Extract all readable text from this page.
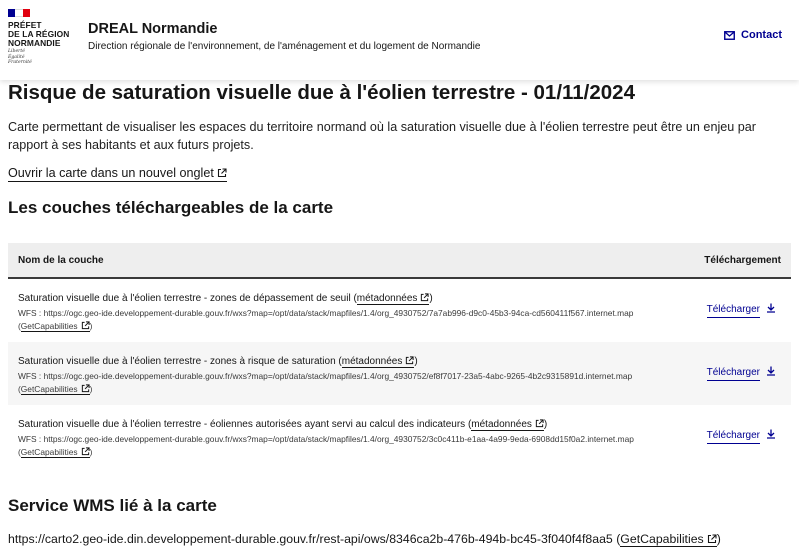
PRÉFET
DE LA RÉGION
NORMANDIE
Liberté
Égalité
Fraternité
DREAL Normandie
Direction régionale de l'environnement, de l'aménagement et du logement de Normandie
Contact
Risque de saturation visuelle due à l'éolien terrestre - 01/11/2024

Carte permettant de visualiser les espaces du territoire normand où la saturation visuelle due à l'éolien terrestre peut être un enjeu par rapport à ses habitants et aux futurs projets.

Ouvrir la carte dans un nouvel onglet
Les couches téléchargeables de la carte
Nom de la couche	Téléchargement
Saturation visuelle due à l'éolien terrestre - zones de dépassement de seuil (métadonnées )
WFS : https://ogc.geo-ide.developpement-durable.gouv.fr/wxs?map=/opt/data/stack/mapfiles/1.4/org_4930752/7a7ab996-d9c0-45b3-94ca-cd560411f567.internet.map
(GetCapabilities )
Télécharger
Saturation visuelle due à l'éolien terrestre - zones à risque de saturation (métadonnées )
WFS : https://ogc.geo-ide.developpement-durable.gouv.fr/wxs?map=/opt/data/stack/mapfiles/1.4/org_4930752/ef8f7017-23a5-4abc-9265-4b2c9315891d.internet.map
(GetCapabilities )
Télécharger
Saturation visuelle due à l'éolien terrestre - éoliennes autorisées ayant servi au calcul des indicateurs (métadonnées )
WFS : https://ogc.geo-ide.developpement-durable.gouv.fr/wxs?map=/opt/data/stack/mapfiles/1.4/org_4930752/3c0c411b-e1aa-4a99-9eda-6908dd15f0a2.internet.map
(GetCapabilities )
Télécharger
Service WMS lié à la carte
https://carto2.geo-ide.din.developpement-durable.gouv.fr/rest-api/ows/8346ca2b-476b-494b-bc45-3f040f4f8aa5 (GetCapabilities )
